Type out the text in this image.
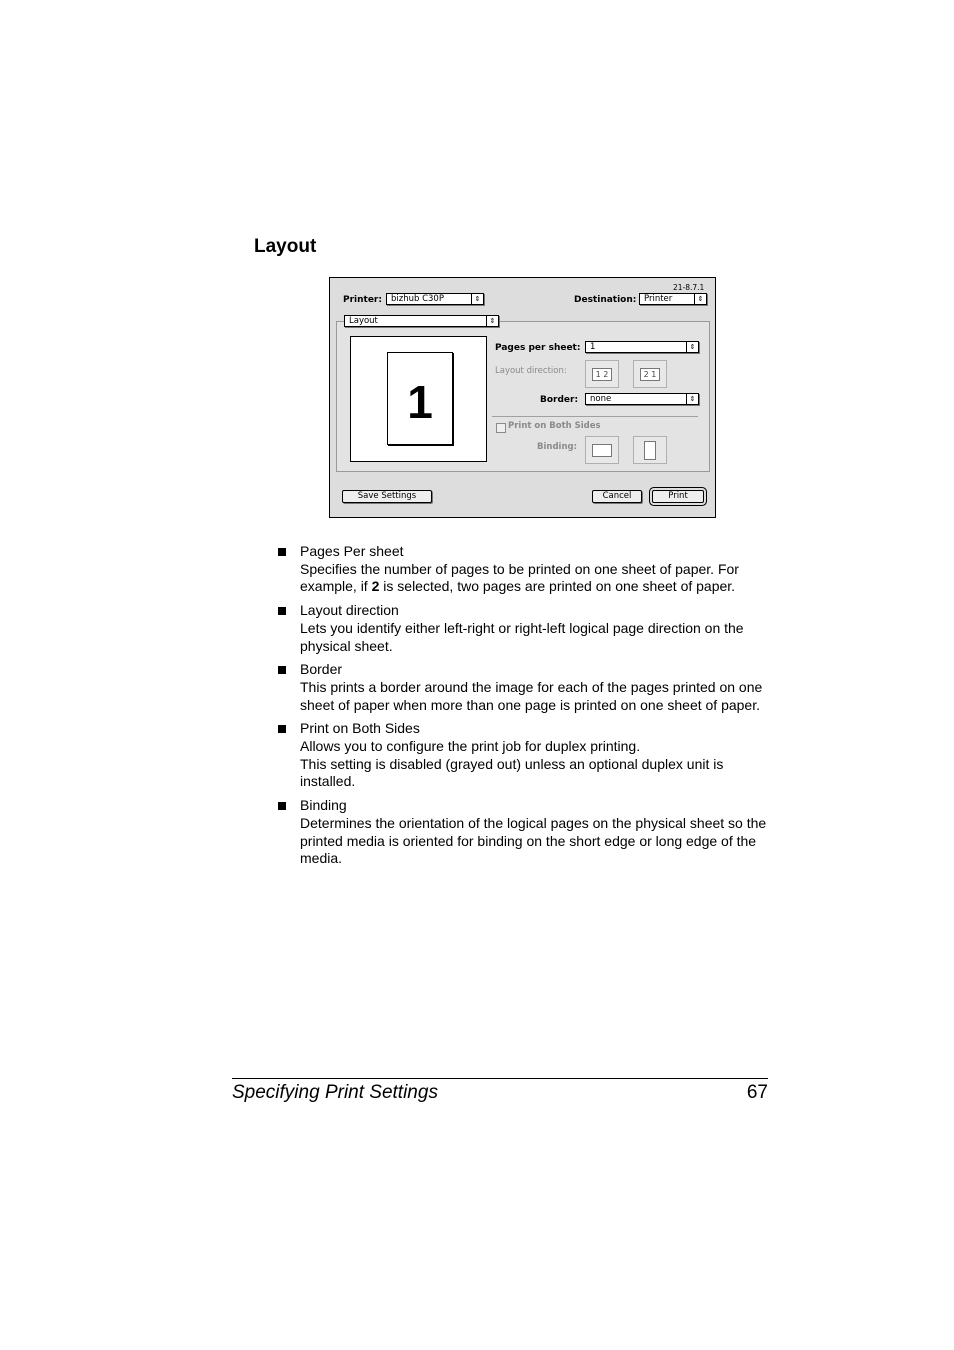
Layout
21-8.7.1
Printer:	bizhub C30P	⇕	Destination: Printer	⇕
Layout	⇕
1
Pages per sheet:	1	⇕
Layout direction:	1 2	2 1
Border:	none	⇕
Print on Both Sides
Binding:
Save Settings	Cancel	Print
Pages Per sheet
Specifies the number of pages to be printed on one sheet of paper. For example, if 2 is selected, two pages are printed on one sheet of paper.
Layout direction
Lets you identify either left-right or right-left logical page direction on the physical sheet.
Border
This prints a border around the image for each of the pages printed on one sheet of paper when more than one page is printed on one sheet of paper.
Print on Both Sides
Allows you to configure the print job for duplex printing.
This setting is disabled (grayed out) unless an optional duplex unit is installed.
Binding
Determines the orientation of the logical pages on the physical sheet so the printed media is oriented for binding on the short edge or long edge of the media.
Specifying Print Settings	67
